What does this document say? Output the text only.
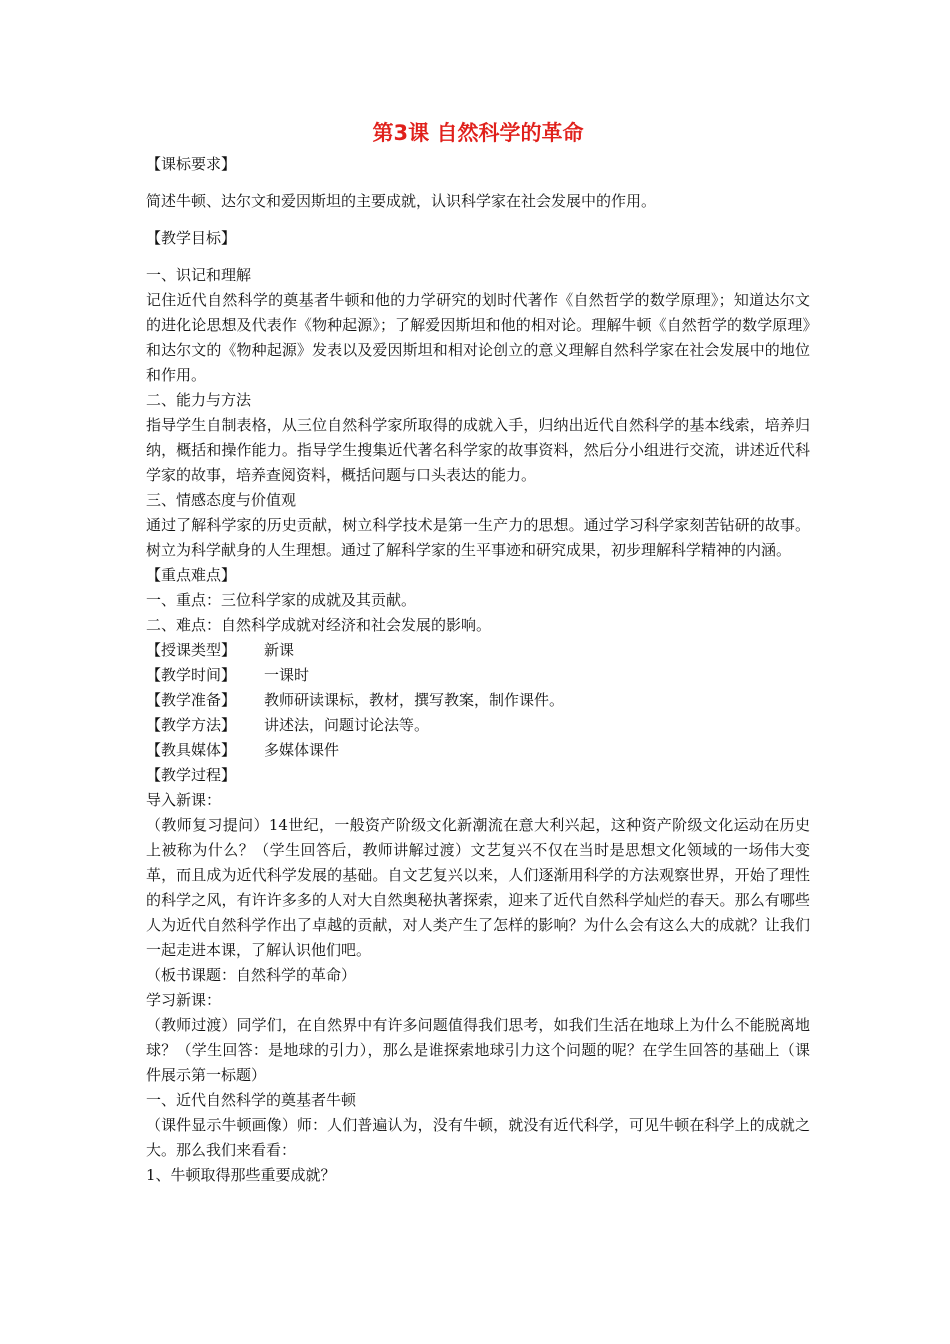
第3课 自然科学的革命

【课标要求】

简述牛顿、达尔文和爱因斯坦的主要成就，认识科学家在社会发展中的作用。

【教学目标】

一、识记和理解

记住近代自然科学的奠基者牛顿和他的力学研究的划时代著作《自然哲学的数学原理》；知道达尔文的进化论思想及代表作《物种起源》；了解爱因斯坦和他的相对论。理解牛顿《自然哲学的数学原理》和达尔文的《物种起源》发表以及爱因斯坦和相对论创立的意义理解自然科学家在社会发展中的地位和作用。

二、能力与方法

指导学生自制表格，从三位自然科学家所取得的成就入手，归纳出近代自然科学的基本线索，培养归纳，概括和操作能力。指导学生搜集近代著名科学家的故事资料，然后分小组进行交流，讲述近代科学家的故事，培养查阅资料，概括问题与口头表达的能力。

三、情感态度与价值观

通过了解科学家的历史贡献，树立科学技术是第一生产力的思想。通过学习科学家刻苦钻研的故事。树立为科学献身的人生理想。通过了解科学家的生平事迹和研究成果，初步理解科学精神的内涵。

【重点难点】

一、重点：三位科学家的成就及其贡献。

二、难点：自然科学成就对经济和社会发展的影响。

【授课类型】	新课
【教学时间】	一课时
【教学准备】	教师研读课标，教材，撰写教案，制作课件。
【教学方法】	讲述法，问题讨论法等。
【教具媒体】	多媒体课件

【教学过程】

导入新课：

（教师复习提问）14世纪，一般资产阶级文化新潮流在意大利兴起，这种资产阶级文化运动在历史上被称为什么？（学生回答后，教师讲解过渡）文艺复兴不仅在当时是思想文化领域的一场伟大变革，而且成为近代科学发展的基础。自文艺复兴以来，人们逐渐用科学的方法观察世界，开始了理性的科学之风，有许许多多的人对大自然奥秘执著探索，迎来了近代自然科学灿烂的春天。那么有哪些人为近代自然科学作出了卓越的贡献，对人类产生了怎样的影响？为什么会有这么大的成就？让我们一起走进本课，了解认识他们吧。

（板书课题：自然科学的革命）

学习新课：

（教师过渡）同学们，在自然界中有许多问题值得我们思考，如我们生活在地球上为什么不能脱离地球？（学生回答：是地球的引力），那么是谁探索地球引力这个问题的呢？在学生回答的基础上（课件展示第一标题）

一、近代自然科学的奠基者牛顿

（课件显示牛顿画像）师：人们普遍认为，没有牛顿，就没有近代科学，可见牛顿在科学上的成就之大。那么我们来看看：

1、牛顿取得那些重要成就？
